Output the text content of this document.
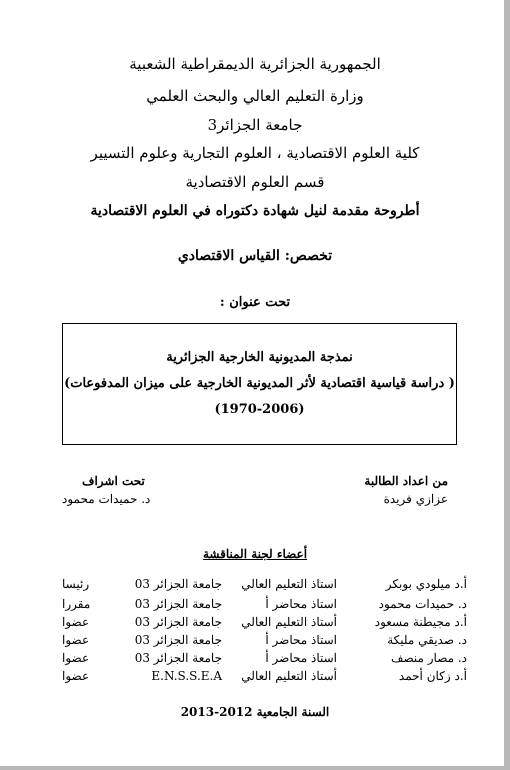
الجمهورية الجزائرية الديمقراطية الشعبية
وزارة التعليم العالي والبحث العلمي
جامعة الجزائر3
كلية العلوم الاقتصادية ، العلوم التجارية وعلوم التسيير
قسم العلوم الاقتصادية
أطروحة مقدمة لنيل شهادة دكتوراه في العلوم الاقتصادية
تخصص: القياس الاقتصادي
تحت عنوان :
نمذجة المديونية الخارجية الجزائرية
( دراسة قياسية اقتصادية لأثر المديونية الخارجية على ميزان المدفوعات)
(1970-2006)
من اعداد الطالبة
عزازي فريدة
تحت اشراف
د. حميدات محمود
أعضاء لجنة المناقشة
أ.د ميلودي بوبكر
استاذ التعليم العالي
جامعة الجزائر 03
رئيسا
د. حميدات محمود
استاذ محاضر أ
جامعة الجزائر 03
مقررا
أ.د مجيطنة مسعود
أستاذ التعليم العالي
جامعة الجزائر 03
عضوا
د. صديقي مليكة
استاذ محاضر أ
جامعة الجزائر 03
عضوا
د. مصار منصف
استاذ محاضر أ
جامعة الجزائر 03
عضوا
أ.د زكان أحمد
أستاذ التعليم العالي
E.N.S.S.E.A
عضوا
السنة الجامعية 2012-2013
